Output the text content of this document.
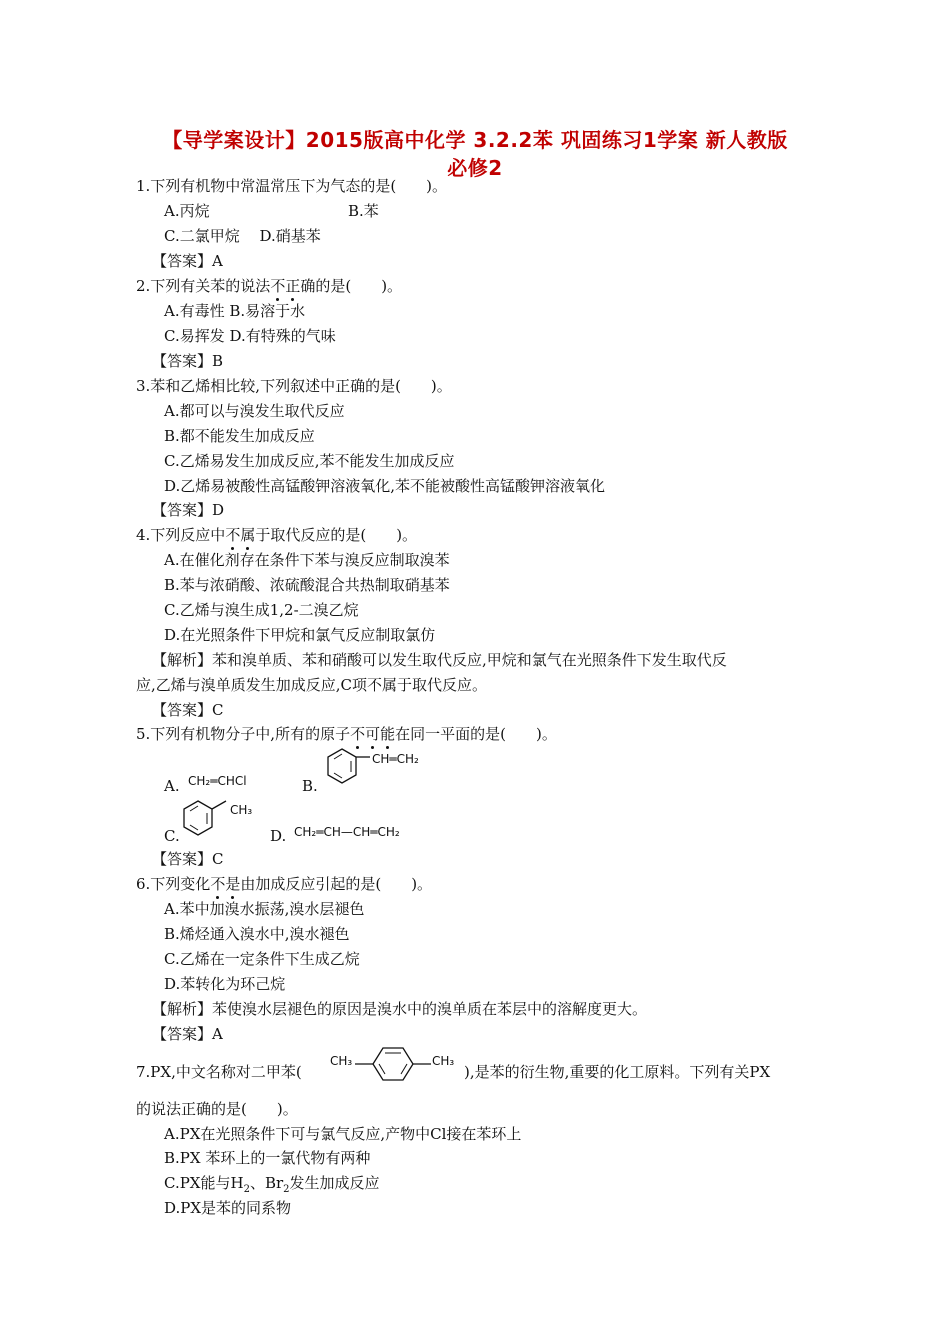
【导学案设计】2015版高中化学 3.2.2苯 巩固练习1学案 新人教版
必修2
1.下列有机物中常温常压下为气态的是(　　)。
A.丙烷	B.苯
C.二氯甲烷　 D.硝基苯
【答案】A
2.下列有关苯的说法不正确的是(　　)。
A.有毒性 B.易溶于水
C.易挥发 D.有特殊的气味
【答案】B
3.苯和乙烯相比较,下列叙述中正确的是(　　)。
A.都可以与溴发生取代反应
B.都不能发生加成反应
C.乙烯易发生加成反应,苯不能发生加成反应
D.乙烯易被酸性高锰酸钾溶液氧化,苯不能被酸性高锰酸钾溶液氧化
【答案】D
4.下列反应中不属于取代反应的是(　　)。
A.在催化剂存在条件下苯与溴反应制取溴苯
B.苯与浓硝酸、浓硫酸混合共热制取硝基苯
C.乙烯与溴生成1,2-二溴乙烷
D.在光照条件下甲烷和氯气反应制取氯仿
【解析】苯和溴单质、苯和硝酸可以发生取代反应,甲烷和氯气在光照条件下发生取代反
应,乙烯与溴单质发生加成反应,C项不属于取代反应。
【答案】C
5.下列有机物分子中,所有的原子不可能在同一平面的是(　　)。
A. CH₂═CHCl	B.
CH═CH₂
C.
CH₃
D. CH₂═CH—CH═CH₂
【答案】C
6.下列变化不是由加成反应引起的是(　　)。
A.苯中加溴水振荡,溴水层褪色
B.烯烃通入溴水中,溴水褪色
C.乙烯在一定条件下生成乙烷
D.苯转化为环己烷
【解析】苯使溴水层褪色的原因是溴水中的溴单质在苯层中的溶解度更大。
【答案】A
7.PX,中文名称对二甲苯(
CH₃	CH₃
),是苯的衍生物,重要的化工原料。下列有关PX
的说法正确的是(　　)。
A.PX在光照条件下可与氯气反应,产物中Cl接在苯环上
B.PX 苯环上的一氯代物有两种
C.PX能与$H_2$、$Br_2$发生加成反应
D.PX是苯的同系物
